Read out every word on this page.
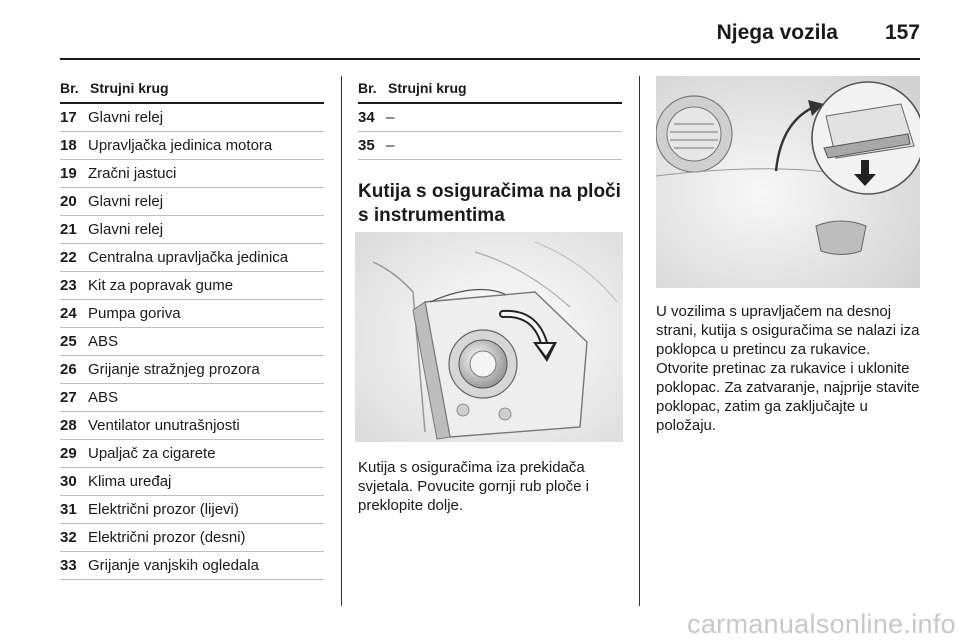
Njega vozila 157
Br. Strujni krug
17 Glavni relej
18 Upravljačka jedinica motora
19 Zračni jastuci
20 Glavni relej
21 Glavni relej
22 Centralna upravljačka jedinica
23 Kit za popravak gume
24 Pumpa goriva
25 ABS
26 Grijanje stražnjeg prozora
27 ABS
28 Ventilator unutrašnjosti
29 Upaljač za cigarete
30 Klima uređaj
31 Električni prozor (lijevi)
32 Električni prozor (desni)
33 Grijanje vanjskih ogledala
Br. Strujni krug
34 –
35 –
Kutija s osiguračima na ploči s instrumentima
Kutija s osiguračima iza prekidača svjetala. Povucite gornji rub ploče i preklopite dolje.
U vozilima s upravljačem na desnoj strani, kutija s osiguračima se nalazi iza poklopca u pretincu za rukavice. Otvorite pretinac za rukavice i uklonite poklopac. Za zatvaranje, najprije stavite poklopac, zatim ga zaključajte u položaju.
carmanualsonline.info
